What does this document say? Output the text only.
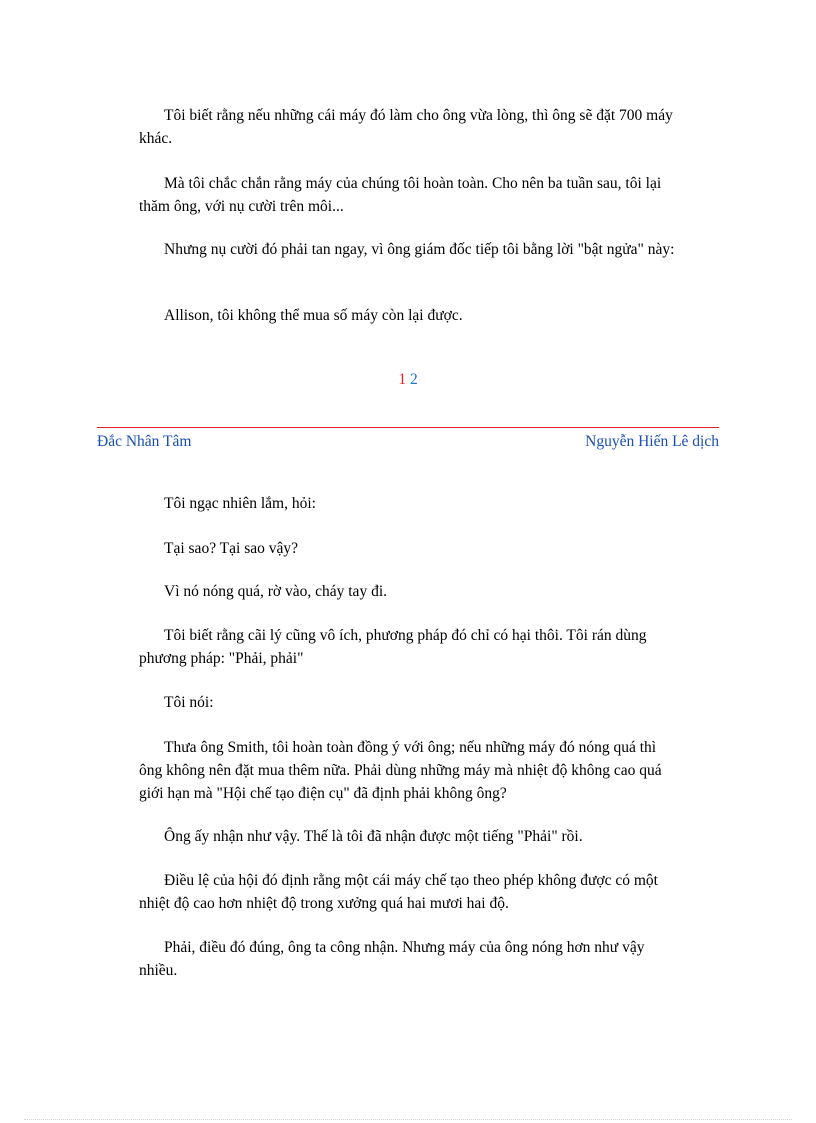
Tôi biết rằng nếu những cái máy đó làm cho ông vừa lòng, thì ông sẽ đặt 700 máy khác.

Mà tôi chắc chắn rằng máy của chúng tôi hoàn toàn. Cho nên ba tuần sau, tôi lại thăm ông, với nụ cười trên môi...

Nhưng nụ cười đó phải tan ngay, vì ông giám đốc tiếp tôi bằng lời "bật ngửa" này:

Allison, tôi không thể mua số máy còn lại được.

1 2
Đắc Nhân Tâm	Nguyễn Hiến Lê dịch

Tôi ngạc nhiên lắm, hỏi:

Tại sao? Tại sao vậy?

Vì nó nóng quá, rờ vào, cháy tay đi.

Tôi biết rằng cãi lý cũng vô ích, phương pháp đó chỉ có hại thôi. Tôi rán dùng phương pháp: "Phải, phải"

Tôi nói:

Thưa ông Smith, tôi hoàn toàn đồng ý với ông; nếu những máy đó nóng quá thì ông không nên đặt mua thêm nữa. Phải dùng những máy mà nhiệt độ không cao quá giới hạn mà "Hội chế tạo điện cụ" đã định phải không ông?

Ông ấy nhận như vậy. Thế là tôi đã nhận được một tiếng "Phải" rồi.

Điều lệ của hội đó định rằng một cái máy chế tạo theo phép không được có một nhiệt độ cao hơn nhiệt độ trong xưởng quá hai mươi hai độ.

Phải, điều đó đúng, ông ta công nhận. Nhưng máy của ông nóng hơn như vậy nhiều.
